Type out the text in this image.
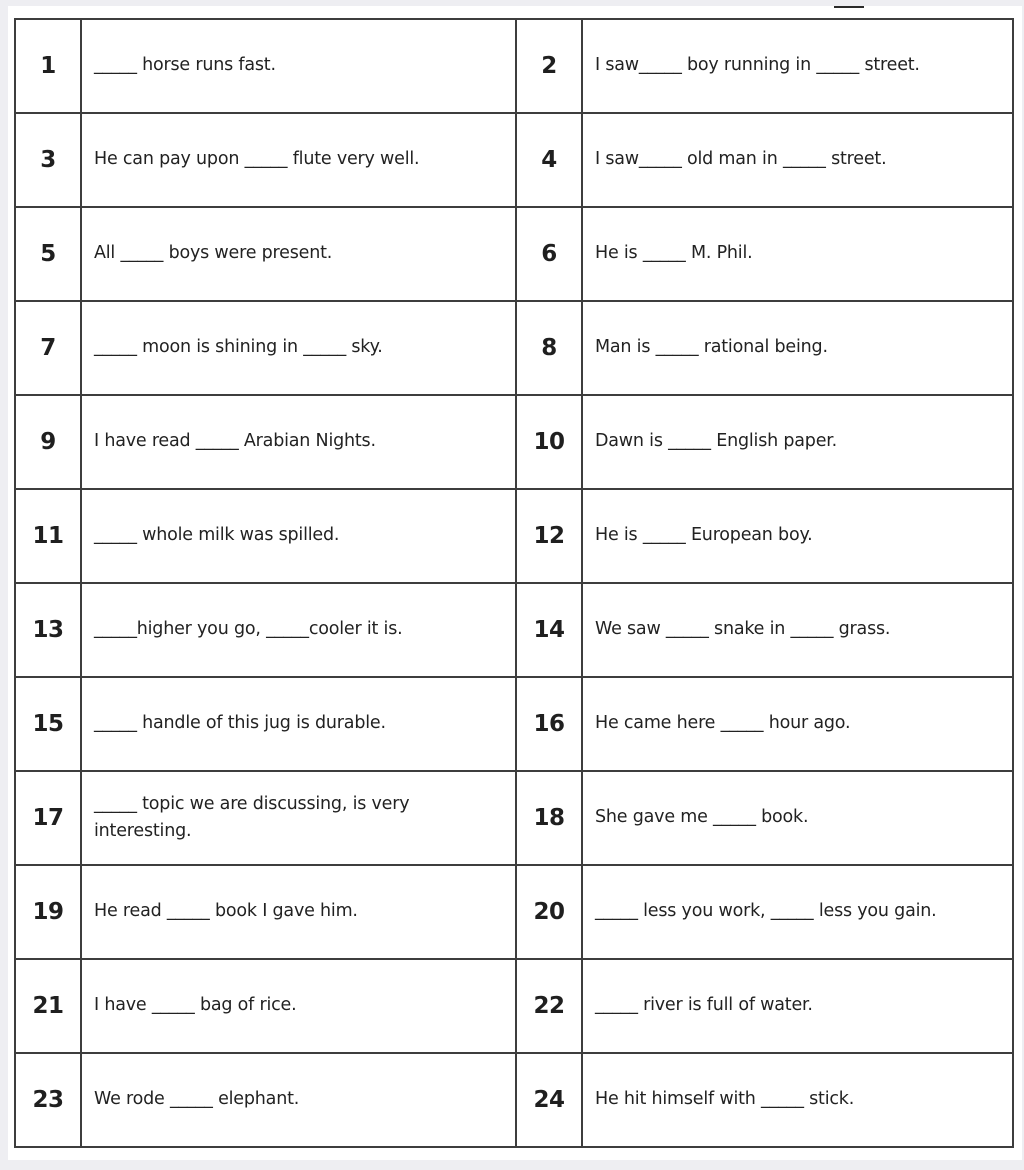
1	_____ horse runs fast.	2	I saw_____ boy running in _____ street.
3	He can pay upon _____ flute very well.	4	I saw_____ old man in _____ street.
5	All _____ boys were present.	6	He is _____ M. Phil.
7	_____ moon is shining in _____ sky.	8	Man is _____ rational being.
9	I have read _____ Arabian Nights.	10	Dawn is _____ English paper.
11	_____ whole milk was spilled.	12	He is _____ European boy.
13	_____higher you go, _____cooler it is.	14	We saw _____ snake in _____ grass.
15	_____ handle of this jug is durable.	16	He came here _____ hour ago.
17	_____ topic we are discussing, is very interesting.	18	She gave me _____ book.
19	He read _____ book I gave him.	20	_____ less you work, _____ less you gain.
21	I have _____ bag of rice.	22	_____ river is full of water.
23	We rode _____ elephant.	24	He hit himself with _____ stick.
